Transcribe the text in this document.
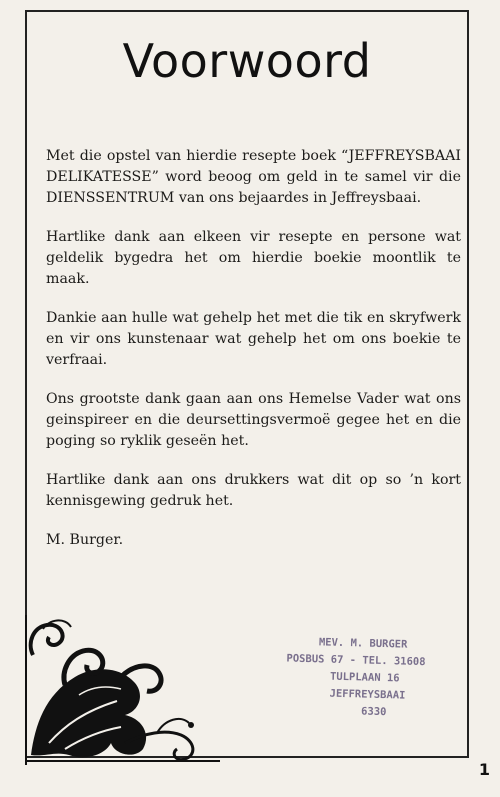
Voorwoord

Met die opstel van hierdie resepte boek “JEFFREYSBAAI DELIKATESSE” word beoog om geld in te samel vir die DIENSSENTRUM van ons bejaardes in Jeffreysbaai.

Hartlike dank aan elkeen vir resepte en persone wat geldelik bygedra het om hierdie boekie moontlik te maak.

Dankie aan hulle wat gehelp het met die tik en skryfwerk en vir ons kunstenaar wat gehelp het om ons boekie te verfraai.

Ons grootste dank gaan aan ons Hemelse Vader wat ons geinspireer en die deursettingsvermoë gegee het en die poging so ryklik geseën het.

Hartlike dank aan ons drukkers wat dit op so ’n kort kennisgewing gedruk het.

M. Burger.

MEV. M. BURGER
POSBUS 67 - TEL. 31608
TULPLAAN 16
JEFFREYSBAAI
6330
1
